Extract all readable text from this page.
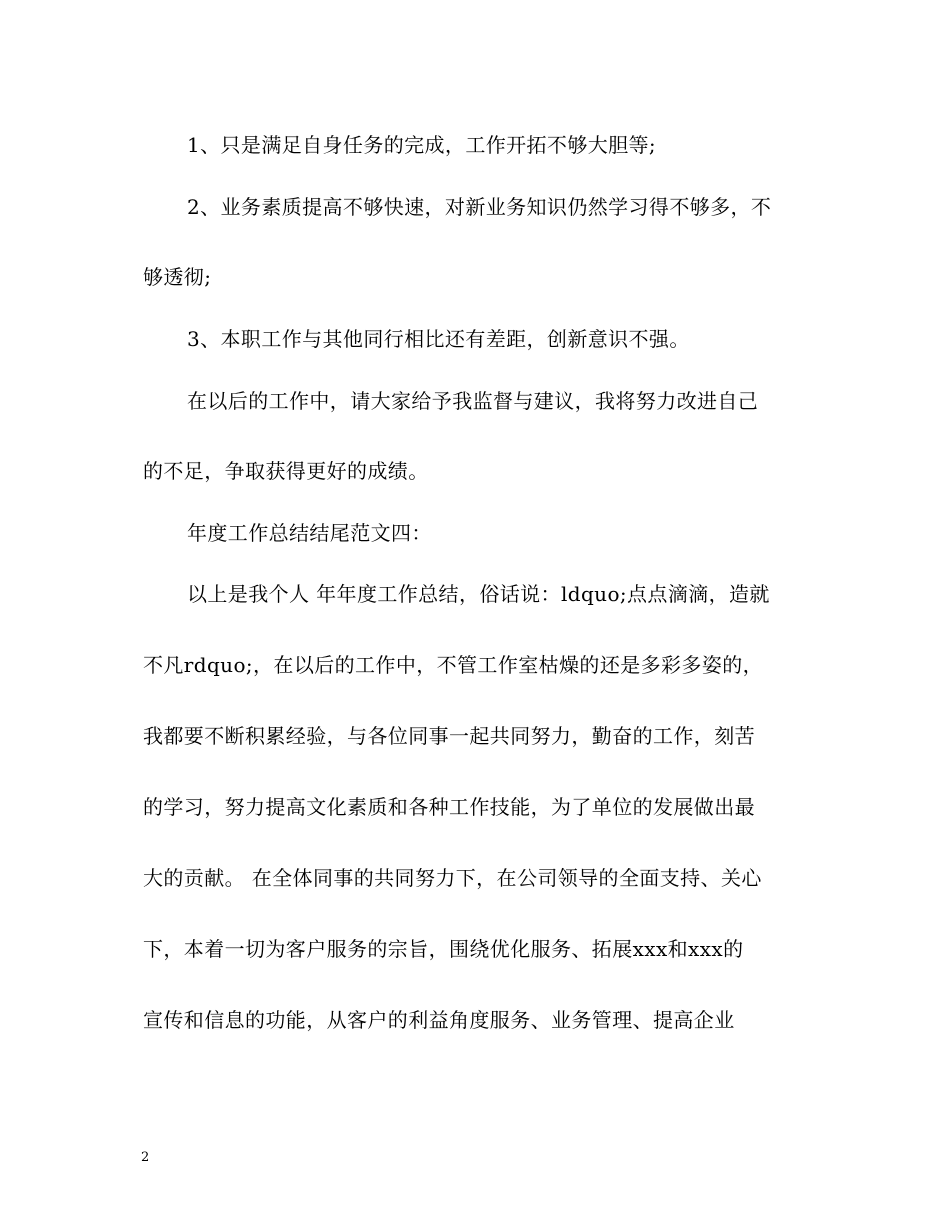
1、只是满足自身任务的完成，工作开拓不够大胆等;
2、业务素质提高不够快速，对新业务知识仍然学习得不够多，不
够透彻;
3、本职工作与其他同行相比还有差距，创新意识不强。
在以后的工作中，请大家给予我监督与建议，我将努力改进自己
的不足，争取获得更好的成绩。
年度工作总结结尾范文四：
以上是我个人 年年度工作总结，俗话说：ldquo;点点滴滴，造就
不凡rdquo;，在以后的工作中，不管工作室枯燥的还是多彩多姿的，
我都要不断积累经验，与各位同事一起共同努力，勤奋的工作，刻苦
的学习，努力提高文化素质和各种工作技能，为了单位的发展做出最
大的贡献。 在全体同事的共同努力下，在公司领导的全面支持、关心
下，本着一切为客户服务的宗旨，围绕优化服务、拓展xxx和xxx的
宣传和信息的功能，从客户的利益角度服务、业务管理、提高企业
2
